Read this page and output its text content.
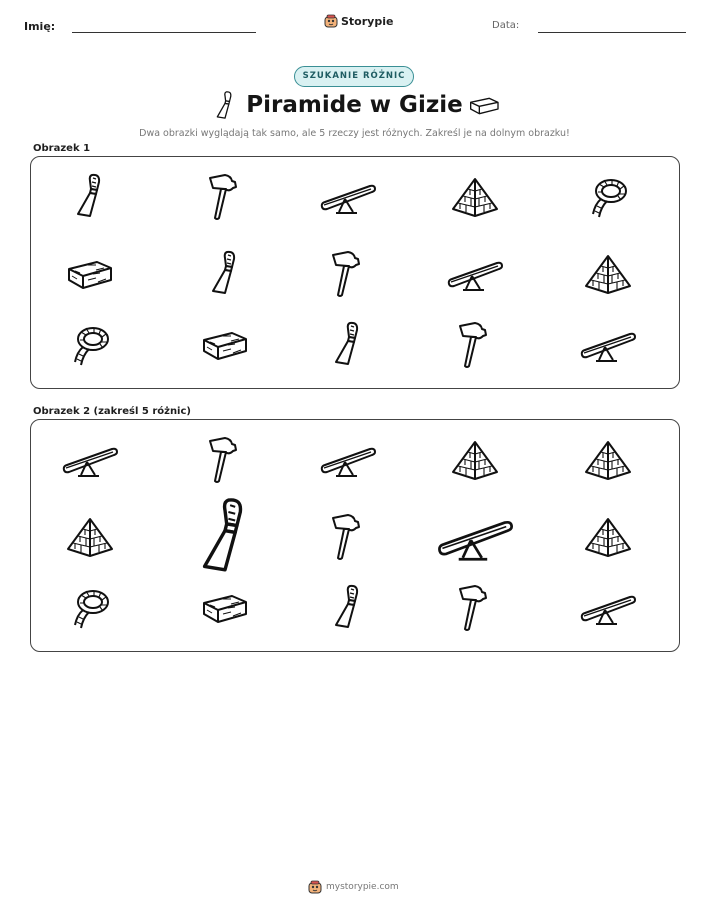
Imię:	Storypie	Data:
SZUKANIE RÓŻNIC
Piramide w Gizie
Dwa obrazki wyglądają tak samo, ale 5 rzeczy jest różnych. Zakreśl je na dolnym obrazku!
Obrazek 1
Obrazek 2 (zakreśl 5 różnic)
mystorypie.com
